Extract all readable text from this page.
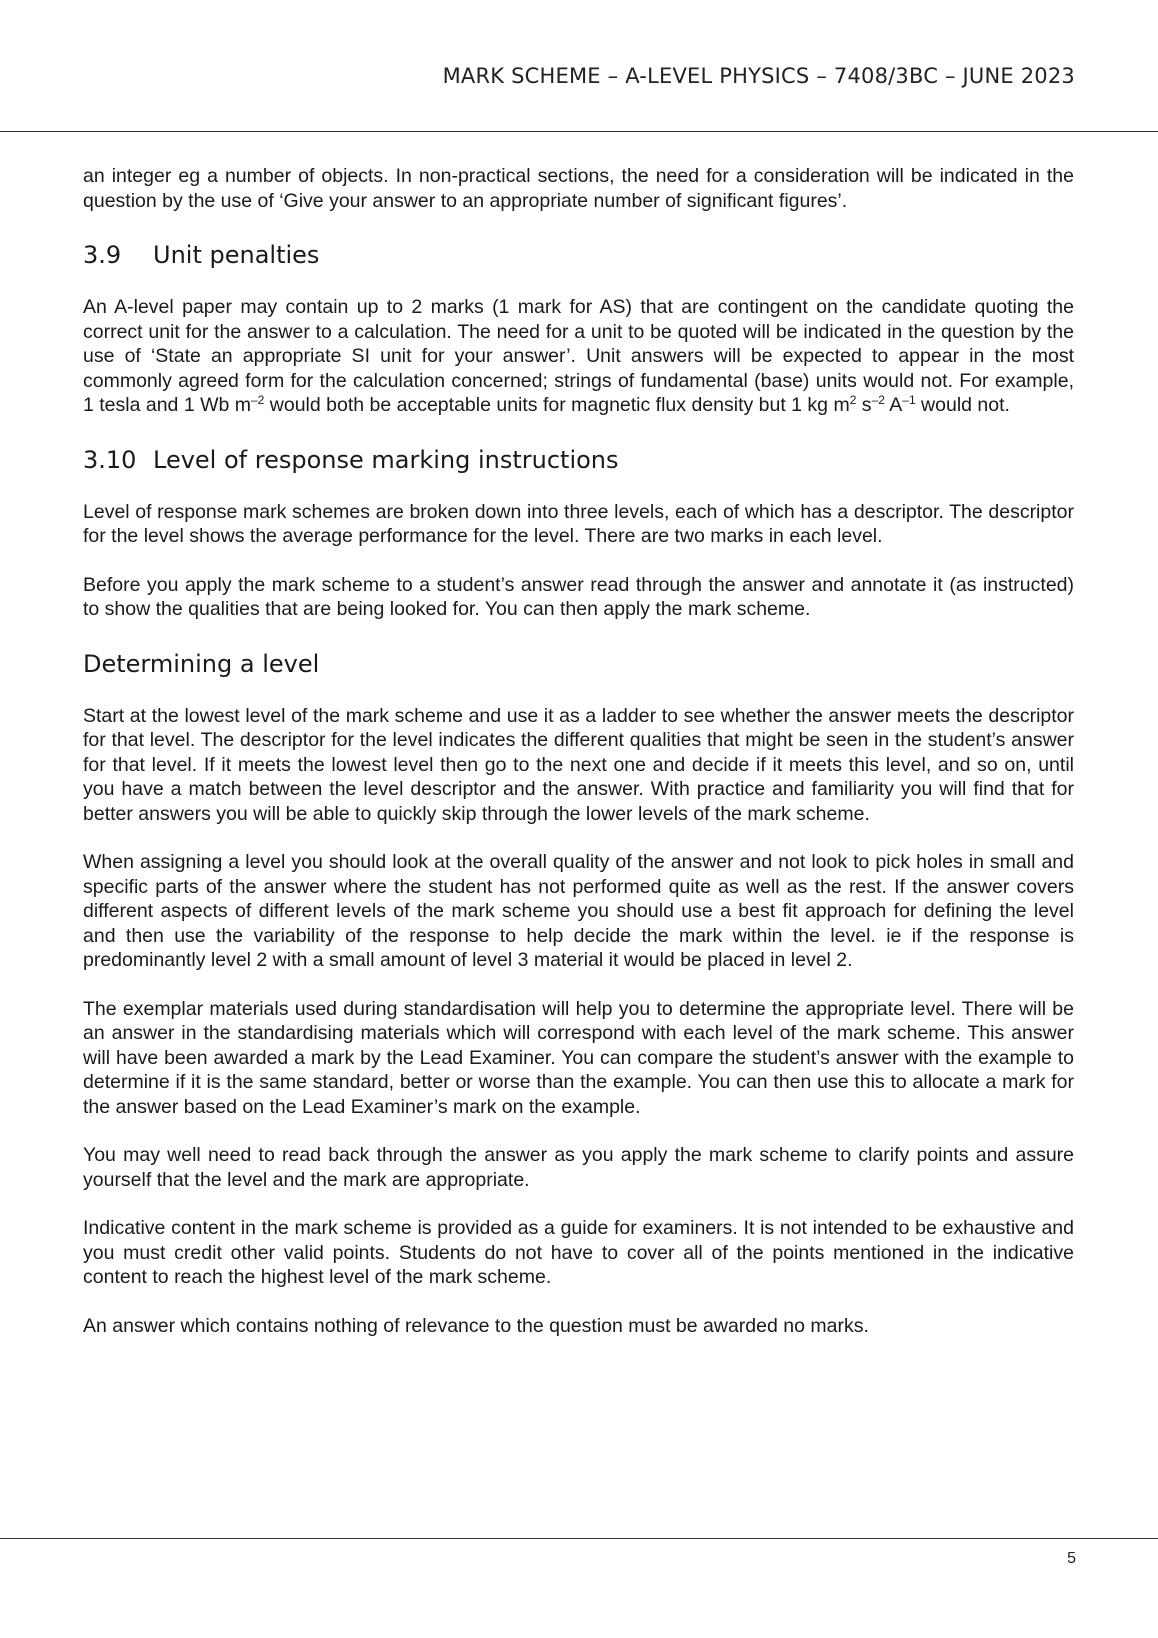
MARK SCHEME – A-LEVEL PHYSICS – 7408/3BC – JUNE 2023

an integer eg a number of objects. In non-practical sections, the need for a consideration will be indicated in the question by the use of ‘Give your answer to an appropriate number of significant figures’.

3.9 Unit penalties

An A-level paper may contain up to 2 marks (1 mark for AS) that are contingent on the candidate quoting the correct unit for the answer to a calculation. The need for a unit to be quoted will be indicated in the question by the use of ‘State an appropriate SI unit for your answer’. Unit answers will be expected to appear in the most commonly agreed form for the calculation concerned; strings of fundamental (base) units would not. For example, 1 tesla and 1 Wb $m^{-2}$ would both be acceptable units for magnetic flux density but 1 kg $m^2$ $s^{-2}$ $A^{-1}$ would not.

3.10 Level of response marking instructions

Level of response mark schemes are broken down into three levels, each of which has a descriptor. The descriptor for the level shows the average performance for the level. There are two marks in each level.

Before you apply the mark scheme to a student’s answer read through the answer and annotate it (as instructed) to show the qualities that are being looked for. You can then apply the mark scheme.

Determining a level

Start at the lowest level of the mark scheme and use it as a ladder to see whether the answer meets the descriptor for that level. The descriptor for the level indicates the different qualities that might be seen in the student’s answer for that level. If it meets the lowest level then go to the next one and decide if it meets this level, and so on, until you have a match between the level descriptor and the answer. With practice and familiarity you will find that for better answers you will be able to quickly skip through the lower levels of the mark scheme.

When assigning a level you should look at the overall quality of the answer and not look to pick holes in small and specific parts of the answer where the student has not performed quite as well as the rest. If the answer covers different aspects of different levels of the mark scheme you should use a best fit approach for defining the level and then use the variability of the response to help decide the mark within the level. ie if the response is predominantly level 2 with a small amount of level 3 material it would be placed in level 2.

The exemplar materials used during standardisation will help you to determine the appropriate level. There will be an answer in the standardising materials which will correspond with each level of the mark scheme. This answer will have been awarded a mark by the Lead Examiner. You can compare the student’s answer with the example to determine if it is the same standard, better or worse than the example. You can then use this to allocate a mark for the answer based on the Lead Examiner’s mark on the example.

You may well need to read back through the answer as you apply the mark scheme to clarify points and assure yourself that the level and the mark are appropriate.

Indicative content in the mark scheme is provided as a guide for examiners. It is not intended to be exhaustive and you must credit other valid points. Students do not have to cover all of the points mentioned in the indicative content to reach the highest level of the mark scheme.

An answer which contains nothing of relevance to the question must be awarded no marks.

5
